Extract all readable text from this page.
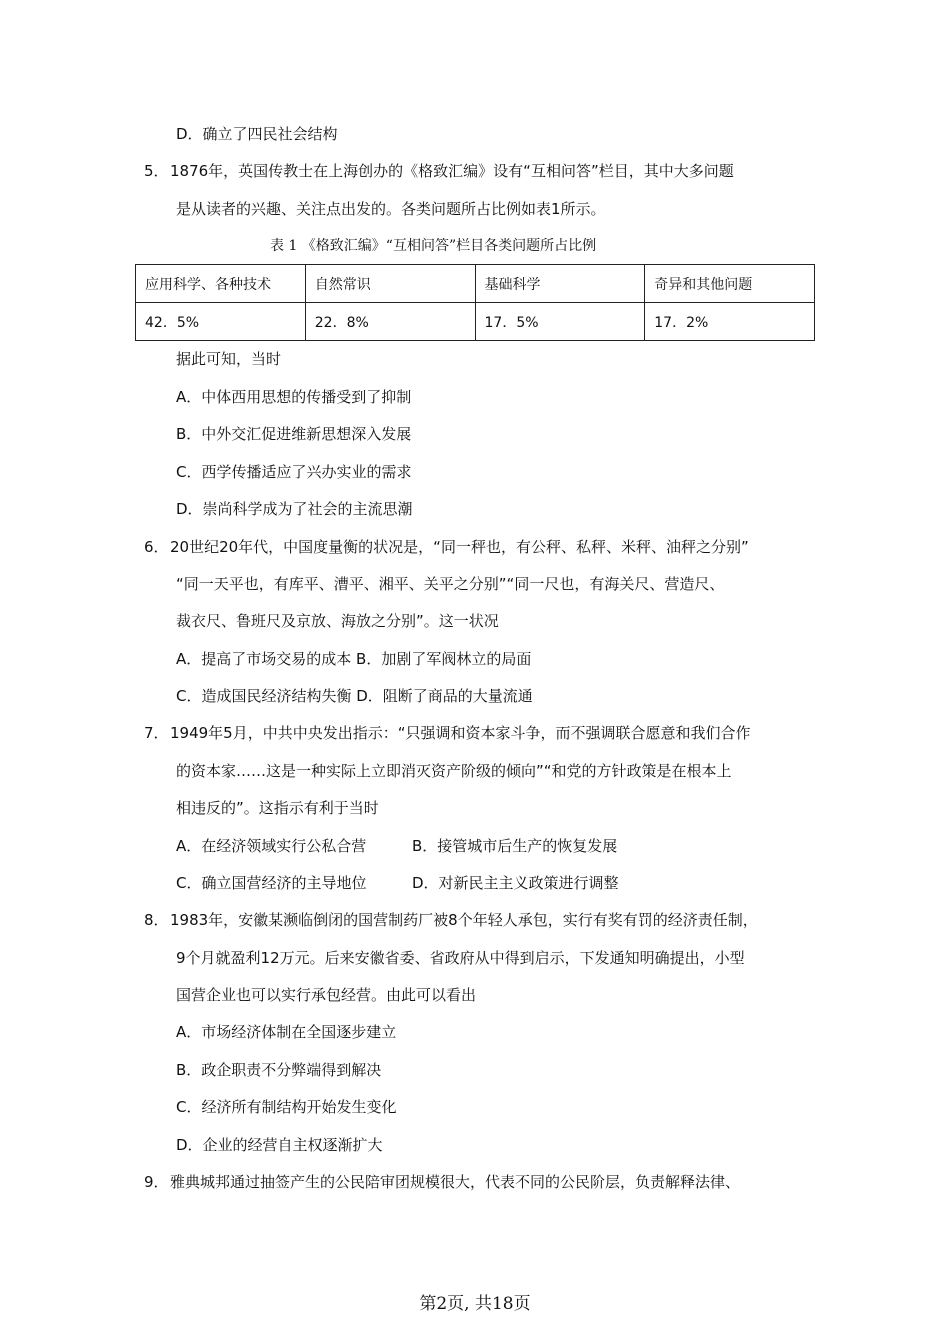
D．确立了四民社会结构
5． 1876年，英国传教士在上海创办的《格致汇编》设有“互相问答”栏目，其中大多问题
是从读者的兴趣、关注点出发的。各类问题所占比例如表1所示。
表 1 《格致汇编》“互相问答”栏目各类问题所占比例
应用科学、各种技术	自然常识	基础科学	奇异和其他问题
42．5%	22．8%	17．5%	17．2%
据此可知，当时
A．中体西用思想的传播受到了抑制
B．中外交汇促进维新思想深入发展
C．西学传播适应了兴办实业的需求
D．崇尚科学成为了社会的主流思潮
6． 20世纪20年代，中国度量衡的状况是，“同一秤也，有公秤、私秤、米秤、油秤之分别”
“同一天平也，有库平、漕平、湘平、关平之分别”“同一尺也，有海关尺、营造尺、
裁衣尺、鲁班尺及京放、海放之分别”。这一状况
A．提高了市场交易的成本 B．加剧了军阀林立的局面
C．造成国民经济结构失衡 D．阻断了商品的大量流通
7． 1949年5月，中共中央发出指示：“只强调和资本家斗争，而不强调联合愿意和我们合作
的资本家……这是一种实际上立即消灭资产阶级的倾向”“和党的方针政策是在根本上
相违反的”。这指示有利于当时
A．在经济领域实行公私合营	B．接管城市后生产的恢复发展
C．确立国营经济的主导地位	D．对新民主主义政策进行调整
8． 1983年，安徽某濒临倒闭的国营制药厂被8个年轻人承包，实行有奖有罚的经济责任制，
9个月就盈利12万元。后来安徽省委、省政府从中得到启示，下发通知明确提出，小型
国营企业也可以实行承包经营。由此可以看出
A．市场经济体制在全国逐步建立
B．政企职责不分弊端得到解决
C．经济所有制结构开始发生变化
D．企业的经营自主权逐渐扩大
9． 雅典城邦通过抽签产生的公民陪审团规模很大，代表不同的公民阶层，负责解释法律、
第2页, 共18页
